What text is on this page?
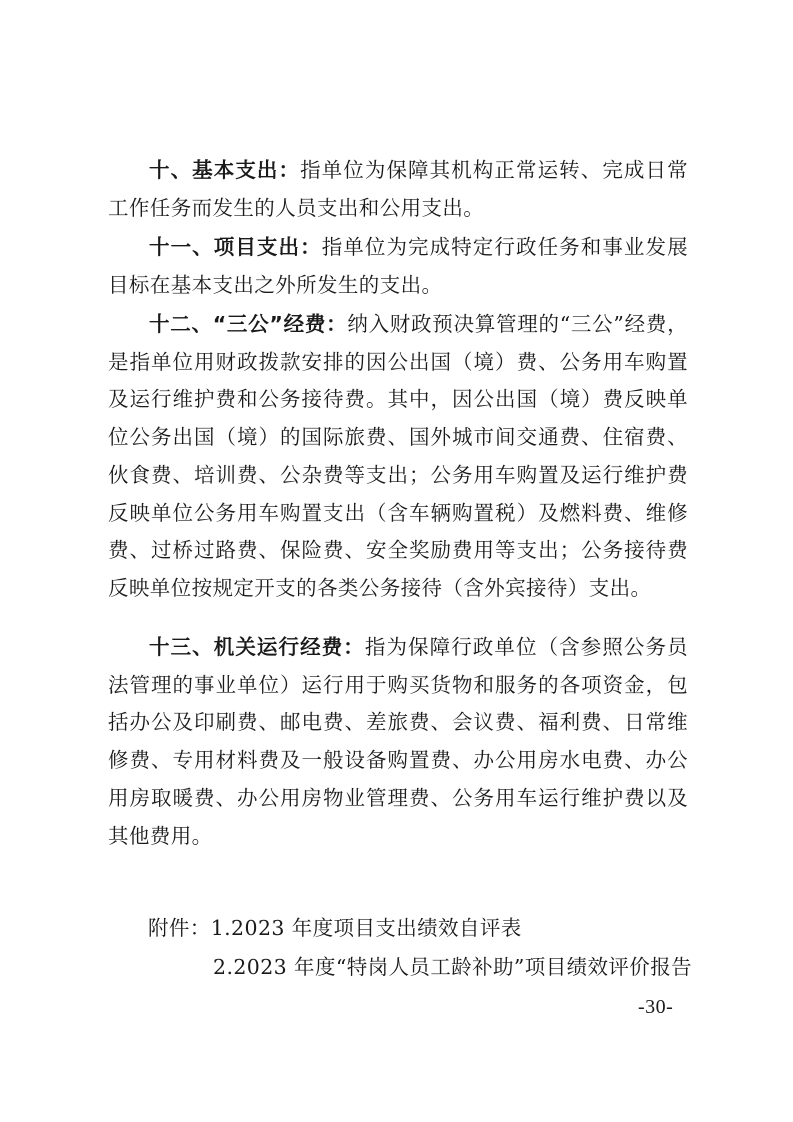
十、基本支出：指单位为保障其机构正常运转、完成日常工作任务而发生的人员支出和公用支出。

十一、项目支出：指单位为完成特定行政任务和事业发展目标在基本支出之外所发生的支出。

十二、“三公”经费：纳入财政预决算管理的“三公”经费，是指单位用财政拨款安排的因公出国（境）费、公务用车购置及运行维护费和公务接待费。其中，因公出国（境）费反映单位公务出国（境）的国际旅费、国外城市间交通费、住宿费、伙食费、培训费、公杂费等支出；公务用车购置及运行维护费反映单位公务用车购置支出（含车辆购置税）及燃料费、维修费、过桥过路费、保险费、安全奖励费用等支出；公务接待费反映单位按规定开支的各类公务接待（含外宾接待）支出。

十三、机关运行经费：指为保障行政单位（含参照公务员法管理的事业单位）运行用于购买货物和服务的各项资金，包括办公及印刷费、邮电费、差旅费、会议费、福利费、日常维修费、专用材料费及一般设备购置费、办公用房水电费、办公用房取暖费、办公用房物业管理费、公务用车运行维护费以及其他费用。

附件：1.2023 年度项目支出绩效自评表
2.2023 年度“特岗人员工龄补助”项目绩效评价报告
-30-
